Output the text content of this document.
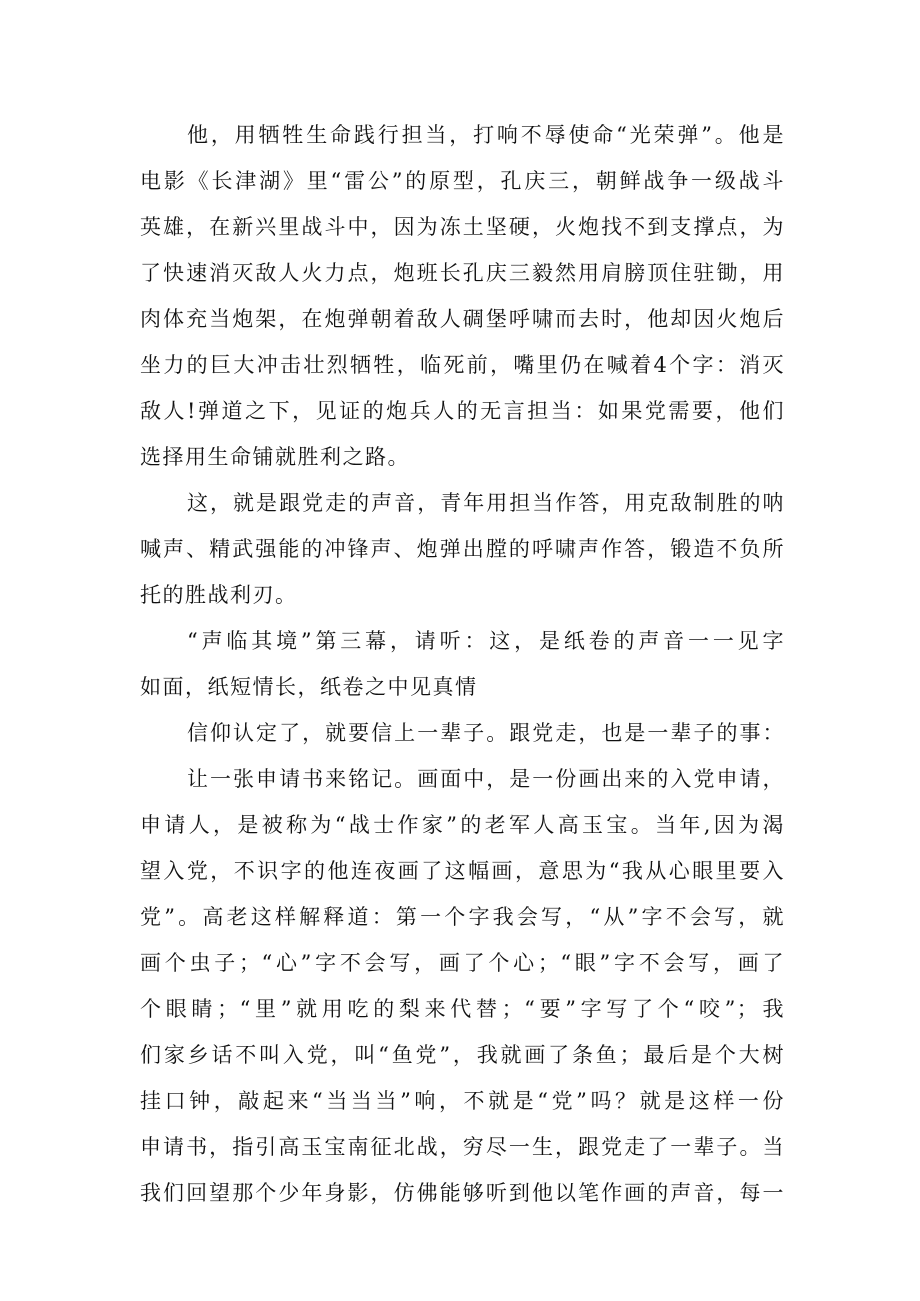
他，用牺牲生命践行担当，打响不辱使命“光荣弹”。他是
电影《长津湖》里“雷公”的原型，孔庆三，朝鲜战争一级战斗
英雄，在新兴里战斗中，因为冻土坚硬，火炮找不到支撑点，为
了快速消灭敌人火力点，炮班长孔庆三毅然用肩膀顶住驻锄，用
肉体充当炮架，在炮弹朝着敌人碉堡呼啸而去时，他却因火炮后
坐力的巨大冲击壮烈牺牲，临死前，嘴里仍在喊着4个字：消灭
敌人!弹道之下，见证的炮兵人的无言担当：如果党需要，他们
选择用生命铺就胜利之路。
这，就是跟党走的声音，青年用担当作答，用克敌制胜的呐
喊声、精武强能的冲锋声、炮弹出膛的呼啸声作答，锻造不负所
托的胜战利刃。
“声临其境”第三幕，请听：这，是纸卷的声音一一见字
如面，纸短情长，纸卷之中见真情
信仰认定了，就要信上一辈子。跟党走，也是一辈子的事：
让一张申请书来铭记。画面中，是一份画出来的入党申请，
申请人，是被称为“战士作家”的老军人高玉宝。当年,因为渴
望入党，不识字的他连夜画了这幅画，意思为“我从心眼里要入
党”。高老这样解释道：第一个字我会写，“从”字不会写，就
画个虫子；“心”字不会写，画了个心；“眼”字不会写，画了
个眼睛；“里”就用吃的梨来代替；“要”字写了个“咬”；我
们家乡话不叫入党，叫“鱼党”，我就画了条鱼；最后是个大树
挂口钟，敲起来“当当当”响，不就是“党”吗？就是这样一份
申请书，指引高玉宝南征北战，穷尽一生，跟党走了一辈子。当
我们回望那个少年身影，仿佛能够听到他以笔作画的声音，每一
